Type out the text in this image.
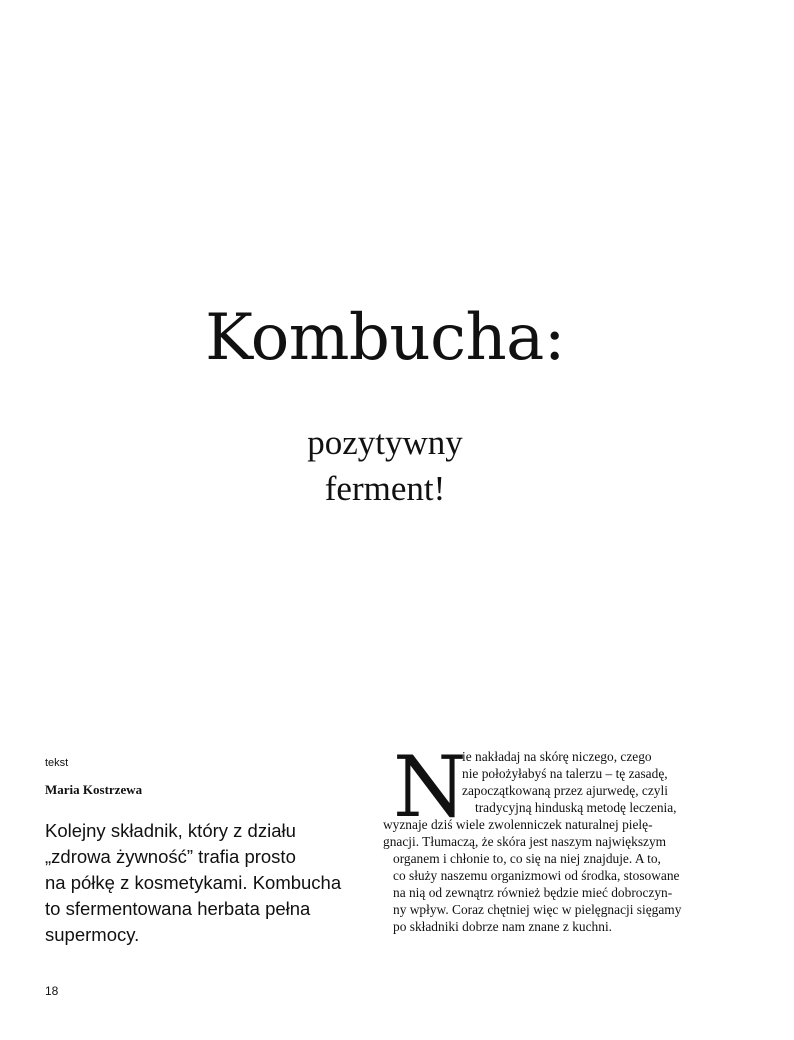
Kombucha:
pozytywny
ferment!
tekst
Maria Kostrzewa

Kolejny składnik, który z działu
„zdrowa żywność” trafia prosto
na półkę z kosmetykami. Kombucha
to sfermentowana herbata pełna
supermocy.

N
ie nakładaj na skórę niczego, czego
nie położyłabyś na talerzu – tę zasadę,
zapoczątkowaną przez ajurwedę, czyli
tradycyjną hinduską metodę leczenia,
wyznaje dziś wiele zwolenniczek naturalnej pielę-
gnacji. Tłumaczą, że skóra jest naszym największym
organem i chłonie to, co się na niej znajduje. A to,
co służy naszemu organizmowi od środka, stosowane
na nią od zewnątrz również będzie mieć dobroczyn-
ny wpływ. Coraz chętniej więc w pielęgnacji sięgamy
po składniki dobrze nam znane z kuchni.
18
